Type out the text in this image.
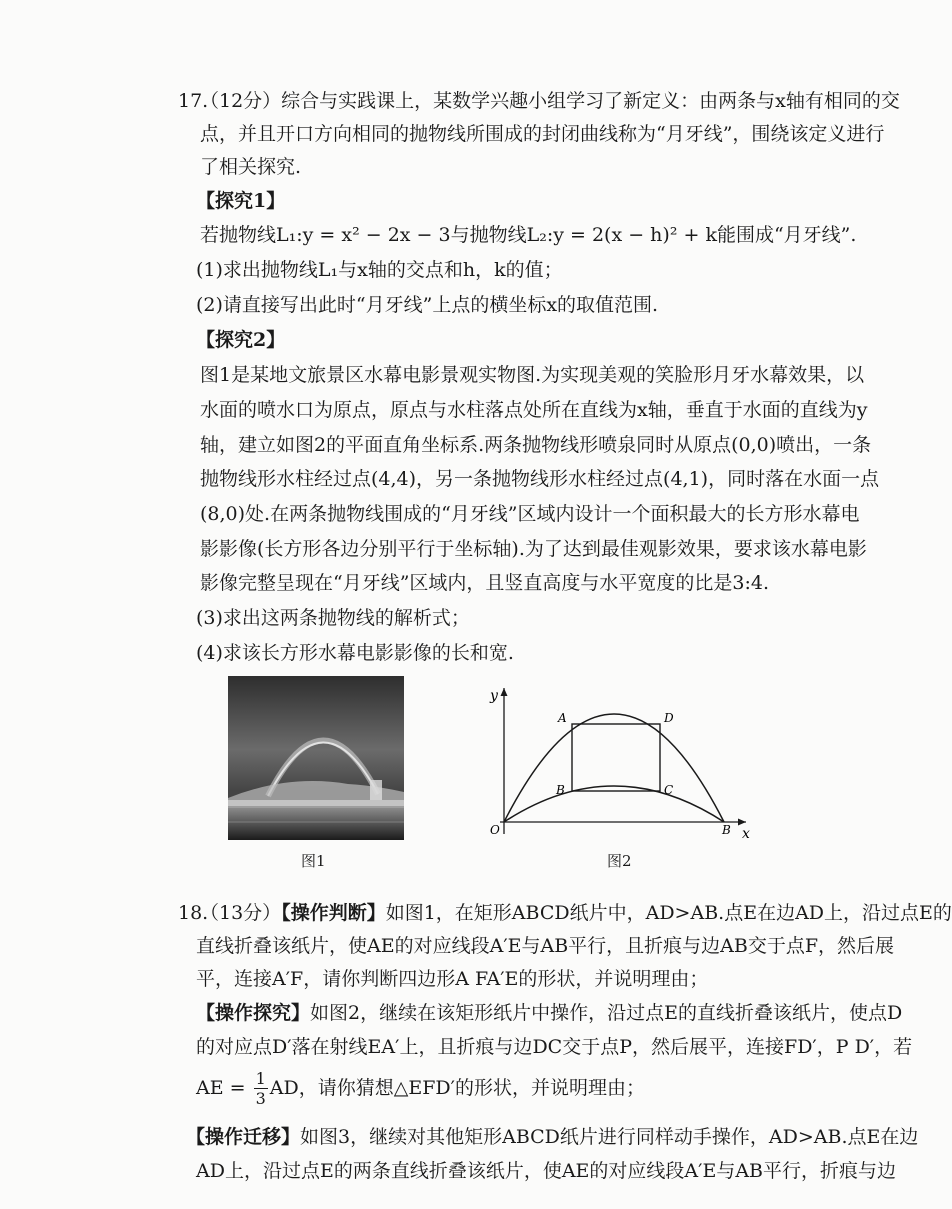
17.
（12分）综合与实践课上，某数学兴趣小组学习了新定义：由两条与x轴有相同的交
点，并且开口方向相同的抛物线所围成的封闭曲线称为“月牙线”，围绕该定义进行
了相关探究.
【探究1】
若抛物线L₁:y = x² − 2x − 3与抛物线L₂:y = 2(x − h)² + k能围成“月牙线”.
(1)求出抛物线L₁与x轴的交点和h，k的值；
(2)请直接写出此时“月牙线”上点的横坐标x的取值范围.
【探究2】
图1是某地文旅景区水幕电影景观实物图.为实现美观的笑脸形月牙水幕效果，以
水面的喷水口为原点，原点与水柱落点处所在直线为x轴，垂直于水面的直线为y
轴，建立如图2的平面直角坐标系.两条抛物线形喷泉同时从原点(0,0)喷出，一条
抛物线形水柱经过点(4,4)，另一条抛物线形水柱经过点(4,1)，同时落在水面一点
(8,0)处.在两条抛物线围成的“月牙线”区域内设计一个面积最大的长方形水幕电
影影像(长方形各边分别平行于坐标轴).为了达到最佳观影效果，要求该水幕电影
影像完整呈现在“月牙线”区域内，且竖直高度与水平宽度的比是3:4.
(3)求出这两条抛物线的解析式；
(4)求该长方形水幕电影影像的长和宽.
图1
y
x
O
A	D
B	C
B
图2
18.
（13分）【操作判断】如图1，在矩形ABCD纸片中，AD>AB.点E在边AD上，沿过点E的
直线折叠该纸片，使AE的对应线段A′E与AB平行，且折痕与边AB交于点F，然后展
平，连接A′F，请你判断四边形A FA′E的形状，并说明理由；
【操作探究】如图2，继续在该矩形纸片中操作，沿过点E的直线折叠该纸片，使点D
的对应点D′落在射线EA′上，且折痕与边DC交于点P，然后展平，连接FD′，P D′，若
AE = $\frac{1}{3}$ AD，请你猜想△EFD′的形状，并说明理由；
【操作迁移】如图3，继续对其他矩形ABCD纸片进行同样动手操作，AD>AB.点E在边
AD上，沿过点E的两条直线折叠该纸片，使AE的对应线段A′E与AB平行，折痕与边
